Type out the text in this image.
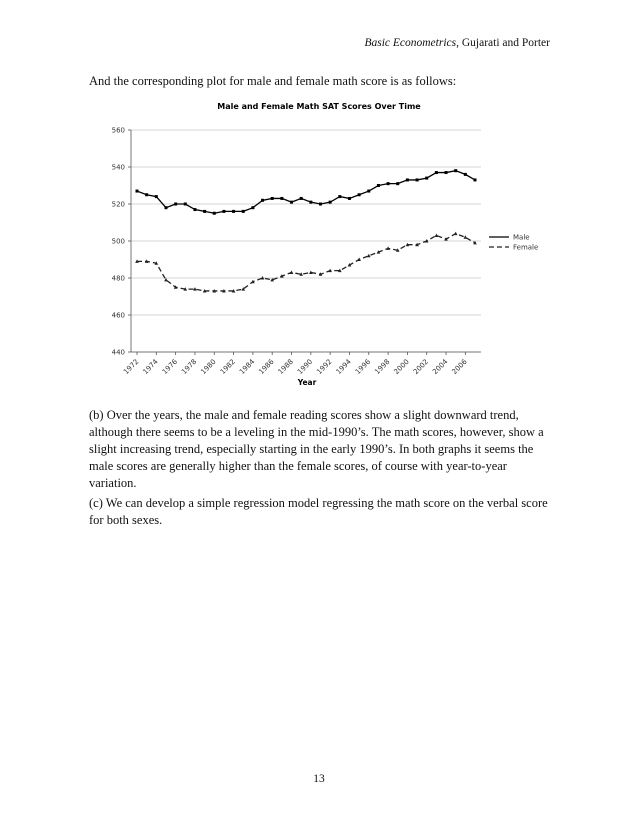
Basic Econometrics, Gujarati and Porter
And the corresponding plot for male and female math score is as follows:
Male and Female Math SAT Scores Over Time
440
460
480
500
520
540
560
1972 1974 1976 1978 1980 1982 1984 1986 1988 1990 1992 1994 1996 1998 2000 2002 2004 2006
Year
Male
Female

(b) Over the years, the male and female reading scores show a slight downward trend, although there seems to be a leveling in the mid-1990’s. The math scores, however, show a slight increasing trend, especially starting in the early 1990’s. In both graphs it seems the male scores are generally higher than the female scores, of course with year-to-year variation.

(c) We can develop a simple regression model regressing the math score on the verbal score for both sexes.

13
